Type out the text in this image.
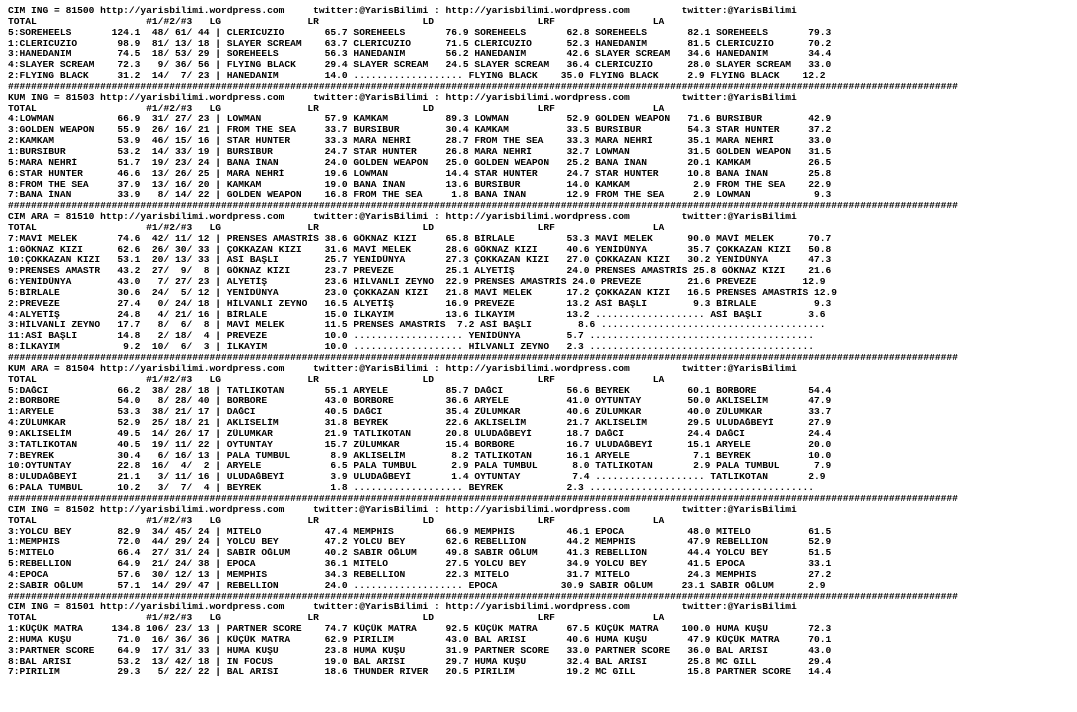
CIM ING = 81500 http://yarisbilimi.wordpress.com     twitter:@YarisBilimi : http://yarisbilimi.wordpress.com         twitter:@YarisBilimi
TOTAL                   #1/#2/#3   LG               LR                  LD                  LRF                 LA
5:SOREHEELS       124.1  48/ 61/ 44 | CLERICUZIO       65.7 SOREHEELS       76.9 SOREHEELS       62.8 SOREHEELS       82.1 SOREHEELS       79.3
1:CLERICUZIO       98.9  81/ 13/ 18 | SLAYER SCREAM    63.7 CLERICUZIO      71.5 CLERICUZIO      52.3 HANEDANIM       81.5 CLERICUZIO      70.2
3:HANEDANIM        74.5  18/ 53/ 29 | SOREHEELS        56.3 HANEDANIM       56.2 HANEDANIM       42.6 SLAYER SCREAM   34.6 HANEDANIM       34.4
4:SLAYER SCREAM    72.3   9/ 36/ 56 | FLYING BLACK     29.4 SLAYER SCREAM   24.5 SLAYER SCREAM   36.4 CLERICUZIO      28.0 SLAYER SCREAM   33.0
2:FLYING BLACK     31.2  14/  7/ 23 | HANEDANIM        14.0 ................... FLYING BLACK    35.0 FLYING BLACK     2.9 FLYING BLACK    12.2
#####################################################################################################################################################################
KUM ING = 81503 http://yarisbilimi.wordpress.com     twitter:@YarisBilimi : http://yarisbilimi.wordpress.com         twitter:@YarisBilimi
TOTAL                   #1/#2/#3   LG               LR                  LD                  LRF                 LA
4:LOWMAN           66.9  31/ 27/ 23 | LOWMAN           57.9 KAMKAM          89.3 LOWMAN          52.9 GOLDEN WEAPON   71.6 BURSIBUR        42.9
3:GOLDEN WEAPON    55.9  26/ 16/ 21 | FROM THE SEA     33.7 BURSIBUR        30.4 KAMKAM          33.5 BURSIBUR        54.3 STAR HUNTER     37.2
2:KAMKAM           53.9  46/ 15/ 16 | STAR HUNTER      33.3 MARA NEHRİ      28.7 FROM THE SEA    33.3 MARA NEHRİ      35.1 MARA NEHRİ      33.0
1:BURSIBUR         53.2  14/ 33/ 19 | BURSIBUR         24.7 STAR HUNTER     26.8 MARA NEHRİ      32.7 LOWMAN          31.5 GOLDEN WEAPON   31.5
5:MARA NEHRİ       51.7  19/ 23/ 24 | BANA İNAN        24.0 GOLDEN WEAPON   25.0 GOLDEN WEAPON   25.2 BANA İNAN       20.1 KAMKAM          26.5
6:STAR HUNTER      46.6  13/ 26/ 25 | MARA NEHRİ       19.6 LOWMAN          14.4 STAR HUNTER     24.7 STAR HUNTER     10.8 BANA İNAN       25.8
8:FROM THE SEA     37.9  13/ 16/ 20 | KAMKAM           19.0 BANA İNAN       13.6 BURSIBUR        14.0 KAMKAM           2.9 FROM THE SEA    22.9
7:BANA İNAN        33.9   8/ 14/ 22 | GOLDEN WEAPON    16.8 FROM THE SEA     1.8 BANA İNAN       12.9 FROM THE SEA     2.9 LOWMAN           9.3
#####################################################################################################################################################################
CIM ARA = 81510 http://yarisbilimi.wordpress.com     twitter:@YarisBilimi : http://yarisbilimi.wordpress.com         twitter:@YarisBilimi
TOTAL                   #1/#2/#3   LG               LR                  LD                  LRF                 LA
7:MAVİ MELEK       74.6  42/ 11/ 12 | PRENSES AMASTRİS 38.6 GÖKNAZ KIZI     65.8 BİRLALE         53.3 MAVİ MELEK      90.0 MAVİ MELEK      70.7
1:GÖKNAZ KIZI      62.6  26/ 30/ 33 | ÇOKKAZAN KIZI    31.6 MAVİ MELEK      28.6 GÖKNAZ KIZI     40.6 YENİDÜNYA       35.7 ÇOKKAZAN KIZI   50.8
10:ÇOKKAZAN KIZI   53.1  20/ 13/ 33 | ASİ BAŞLI        25.7 YENİDÜNYA       27.3 ÇOKKAZAN KIZI   27.0 ÇOKKAZAN KIZI   30.2 YENİDÜNYA       47.3
9:PRENSES AMASTR   43.2  27/  9/  8 | GÖKNAZ KIZI      23.7 PREVEZE         25.1 ALYETİŞ         24.0 PRENSES AMASTRİS 25.8 GÖKNAZ KIZI    21.6
6:YENİDÜNYA        43.0   7/ 27/ 23 | ALYETİŞ          23.6 HİLVANLI ZEYNO  22.9 PRENSES AMASTRİS 24.0 PREVEZE        21.6 PREVEZE        12.9
5:BİRLALE          30.6  24/  5/ 12 | YENİDÜNYA        23.0 ÇOKKAZAN KIZI   21.8 MAVİ MELEK      17.2 ÇOKKAZAN KIZI   16.5 PRENSES AMASTRİS 12.9
2:PREVEZE          27.4   0/ 24/ 18 | HİLVANLI ZEYNO   16.5 ALYETİŞ         16.9 PREVEZE         13.2 ASİ BAŞLI        9.3 BİRLALE          9.3
4:ALYETİŞ          24.8   4/ 21/ 16 | BİRLALE          15.0 İLKAYIM         13.6 İLKAYIM         13.2 ................... ASİ BAŞLI        3.6
3:HİLVANLI ZEYNO   17.7   8/  6/  8 | MAVİ MELEK       11.5 PRENSES AMASTRİS  7.2 ASİ BAŞLI        8.6 .......................................
11:ASİ BAŞLI       14.8   2/ 18/  4 | PREVEZE          10.0 ................... YENİDÜNYA        5.7 .......................................
8:İLKAYIM           9.2  10/  6/  3 | İLKAYIM          10.0 ................... HİLVANLI ZEYNO   2.3 .......................................
#####################################################################################################################################################################
KUM ARA = 81504 http://yarisbilimi.wordpress.com     twitter:@YarisBilimi : http://yarisbilimi.wordpress.com         twitter:@YarisBilimi
TOTAL                   #1/#2/#3   LG               LR                  LD                  LRF                 LA
5:DAĞCI            66.2  38/ 28/ 18 | TATLIKOTAN       55.1 ARYELE          85.7 DAĞCI           56.6 BEYREK          60.1 BORBORE         54.4
2:BORBORE          54.0   8/ 28/ 40 | BORBORE          43.0 BORBORE         36.6 ARYELE          41.0 OYTUNTAY        50.0 AKLISELİM       47.9
1:ARYELE           53.3  38/ 21/ 17 | DAĞCI            40.5 DAĞCI           35.4 ZÜLUMKAR        40.6 ZÜLUMKAR        40.0 ZÜLUMKAR        33.7
4:ZÜLUMKAR         52.9  25/ 18/ 21 | AKLISELİM        31.8 BEYREK          22.6 AKLISELİM       21.7 AKLISELİM       29.5 ULUDAĞBEYİ      27.9
9:AKLISELİM        49.5  14/ 26/ 17 | ZÜLUMKAR         21.9 TATLIKOTAN      20.8 ULUDAĞBEYİ      18.7 DAĞCI           24.4 DAĞCI           24.4
3:TATLIKOTAN       40.5  19/ 11/ 22 | OYTUNTAY         15.7 ZÜLUMKAR        15.4 BORBORE         16.7 ULUDAĞBEYİ      15.1 ARYELE          20.0
7:BEYREK           30.4   6/ 16/ 13 | PALA TUMBUL       8.9 AKLISELİM        8.2 TATLIKOTAN      16.1 ARYELE           7.1 BEYREK          10.0
10:OYTUNTAY        22.8  16/  4/  2 | ARYELE            6.5 PALA TUMBUL      2.9 PALA TUMBUL      8.0 TATLIKOTAN       2.9 PALA TUMBUL      7.9
8:ULUDAĞBEYİ       21.1   3/ 11/ 16 | ULUDAĞBEYİ        3.9 ULUDAĞBEYİ       1.4 OYTUNTAY         7.4 ................... TATLIKOTAN       2.9
6:PALA TUMBUL      10.2   3/  7/  4 | BEYREK            1.8 ................... BEYREK           2.3 .......................................
#####################################################################################################################################################################
CIM ING = 81502 http://yarisbilimi.wordpress.com     twitter:@YarisBilimi : http://yarisbilimi.wordpress.com         twitter:@YarisBilimi
TOTAL                   #1/#2/#3   LG               LR                  LD                  LRF                 LA
3:YOLCU BEY        82.9  34/ 45/ 24 | MITELO           47.4 MEMPHIS         66.9 MEMPHIS         46.1 EPOCA           48.0 MITELO          61.5
1:MEMPHIS          72.0  44/ 29/ 24 | YOLCU BEY        47.2 YOLCU BEY       62.6 REBELLION       44.2 MEMPHIS         47.9 REBELLION       52.9
5:MITELO           66.4  27/ 31/ 24 | SABIR OĞLUM      40.2 SABIR OĞLUM     49.8 SABIR OĞLUM     41.3 REBELLION       44.4 YOLCU BEY       51.5
5:REBELLION        64.9  21/ 24/ 38 | EPOCA            36.1 MITELO          27.5 YOLCU BEY       34.9 YOLCU BEY       41.5 EPOCA           33.1
4:EPOCA            57.6  30/ 12/ 13 | MEMPHIS          34.3 REBELLION       22.3 MITELO          31.7 MITELO          24.3 MEMPHIS         27.2
2:SABIR OĞLUM      57.1  14/ 29/ 47 | REBELLION        24.0 ................... EPOCA           30.9 SABIR OĞLUM     23.1 SABIR OĞLUM      2.9
#####################################################################################################################################################################
CIM ING = 81501 http://yarisbilimi.wordpress.com     twitter:@YarisBilimi : http://yarisbilimi.wordpress.com         twitter:@YarisBilimi
TOTAL                   #1/#2/#3   LG               LR                  LD                  LRF                 LA
1:KÜÇÜK MATRA     134.8 106/ 23/ 13 | PARTNER SCORE    74.7 KÜÇÜK MATRA     92.5 KÜÇÜK MATRA     67.5 KÜÇÜK MATRA    100.0 HUMA KUŞU       72.3
2:HUMA KUŞU        71.0  16/ 36/ 36 | KÜÇÜK MATRA      62.9 PIRILIM         43.0 BAL ARISI       40.6 HUMA KUŞU       47.9 KÜÇÜK MATRA     70.1
3:PARTNER SCORE    64.9  17/ 31/ 33 | HUMA KUŞU        23.8 HUMA KUŞU       31.9 PARTNER SCORE   33.0 PARTNER SCORE   36.0 BAL ARISI       43.0
8:BAL ARISI        53.2  13/ 42/ 18 | IN FOCUS         19.0 BAL ARISI       29.7 HUMA KUŞU       32.4 BAL ARISI       25.8 MC GILL         29.4
7:PIRILIM          29.3   5/ 22/ 22 | BAL ARISI        18.6 THUNDER RIVER   20.5 PIRILIM         19.2 MC GILL         15.8 PARTNER SCORE   14.4
